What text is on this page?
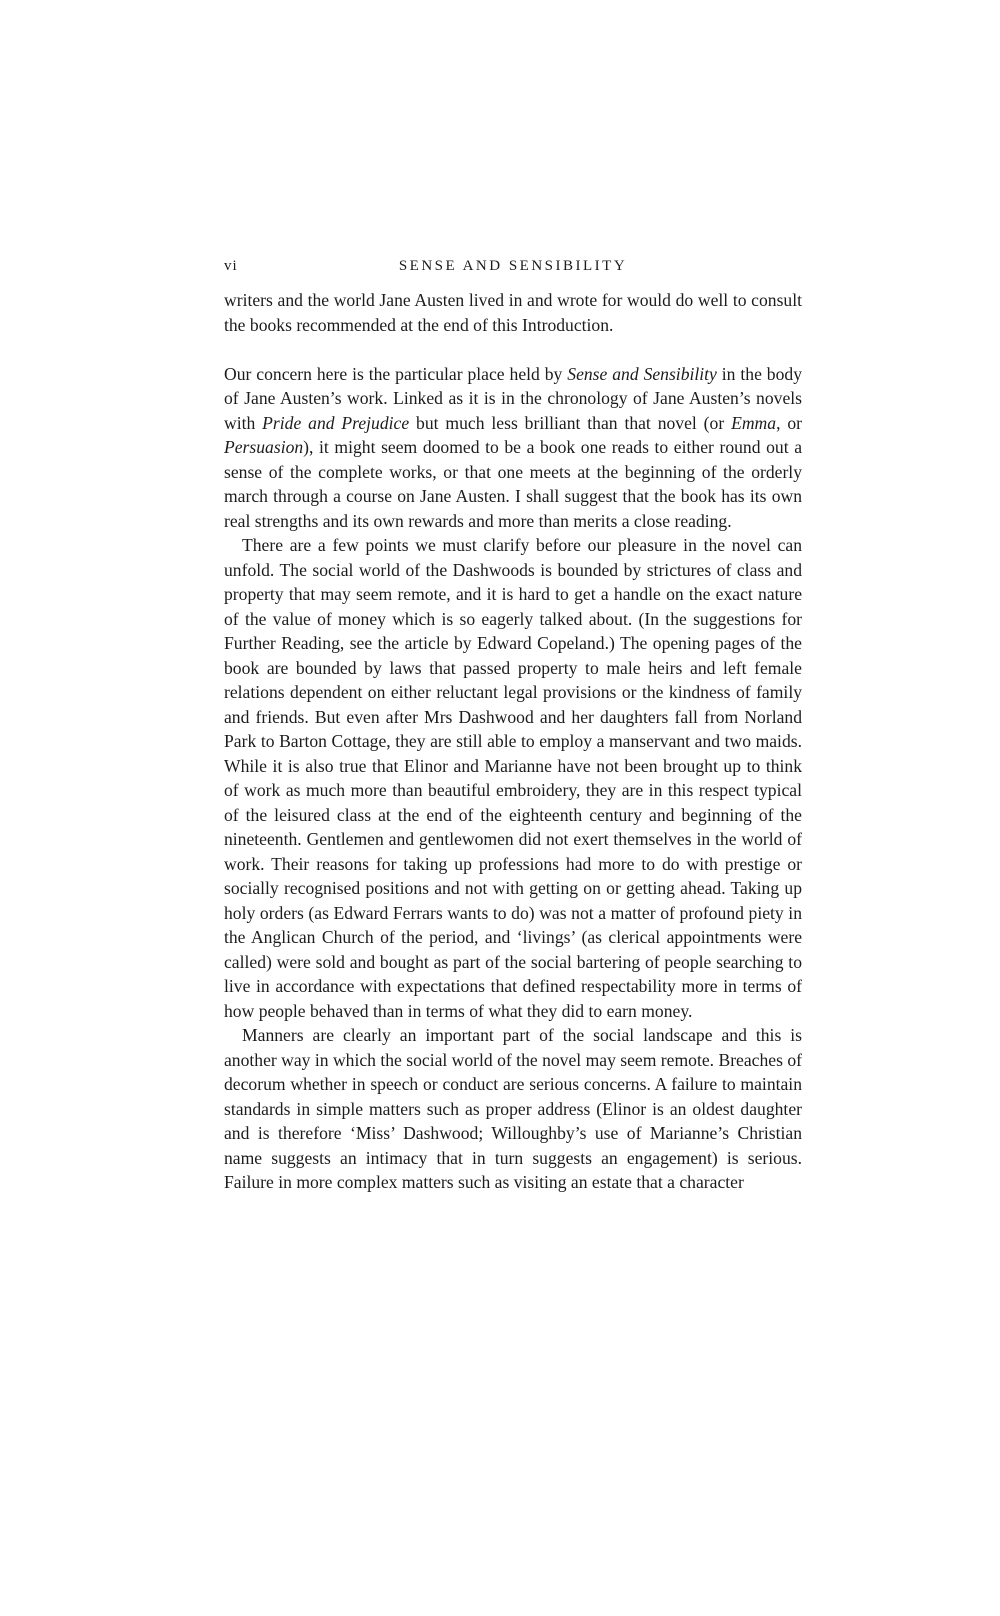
vi	SENSE AND SENSIBILITY

writers and the world Jane Austen lived in and wrote for would do well to consult the books recommended at the end of this Introduction.

Our concern here is the particular place held by Sense and Sensibility in the body of Jane Austen’s work. Linked as it is in the chronology of Jane Austen’s novels with Pride and Prejudice but much less brilliant than that novel (or Emma, or Persuasion), it might seem doomed to be a book one reads to either round out a sense of the complete works, or that one meets at the beginning of the orderly march through a course on Jane Austen. I shall suggest that the book has its own real strengths and its own rewards and more than merits a close reading.

There are a few points we must clarify before our pleasure in the novel can unfold. The social world of the Dashwoods is bounded by strictures of class and property that may seem remote, and it is hard to get a handle on the exact nature of the value of money which is so eagerly talked about. (In the suggestions for Further Reading, see the article by Edward Copeland.) The opening pages of the book are bounded by laws that passed property to male heirs and left female relations dependent on either reluctant legal provisions or the kindness of family and friends. But even after Mrs Dashwood and her daughters fall from Norland Park to Barton Cottage, they are still able to employ a manservant and two maids. While it is also true that Elinor and Marianne have not been brought up to think of work as much more than beautiful embroidery, they are in this respect typical of the leisured class at the end of the eighteenth century and beginning of the nineteenth. Gentlemen and gentlewomen did not exert themselves in the world of work. Their reasons for taking up professions had more to do with prestige or socially recognised positions and not with getting on or getting ahead. Taking up holy orders (as Edward Ferrars wants to do) was not a matter of profound piety in the Anglican Church of the period, and ‘livings’ (as clerical appointments were called) were sold and bought as part of the social bartering of people searching to live in accordance with expectations that defined respectability more in terms of how people behaved than in terms of what they did to earn money.

Manners are clearly an important part of the social landscape and this is another way in which the social world of the novel may seem remote. Breaches of decorum whether in speech or conduct are serious concerns. A failure to maintain standards in simple matters such as proper address (Elinor is an oldest daughter and is therefore ‘Miss’ Dashwood; Willoughby’s use of Marianne’s Christian name suggests an intimacy that in turn suggests an engagement) is serious. Failure in more complex matters such as visiting an estate that a character
